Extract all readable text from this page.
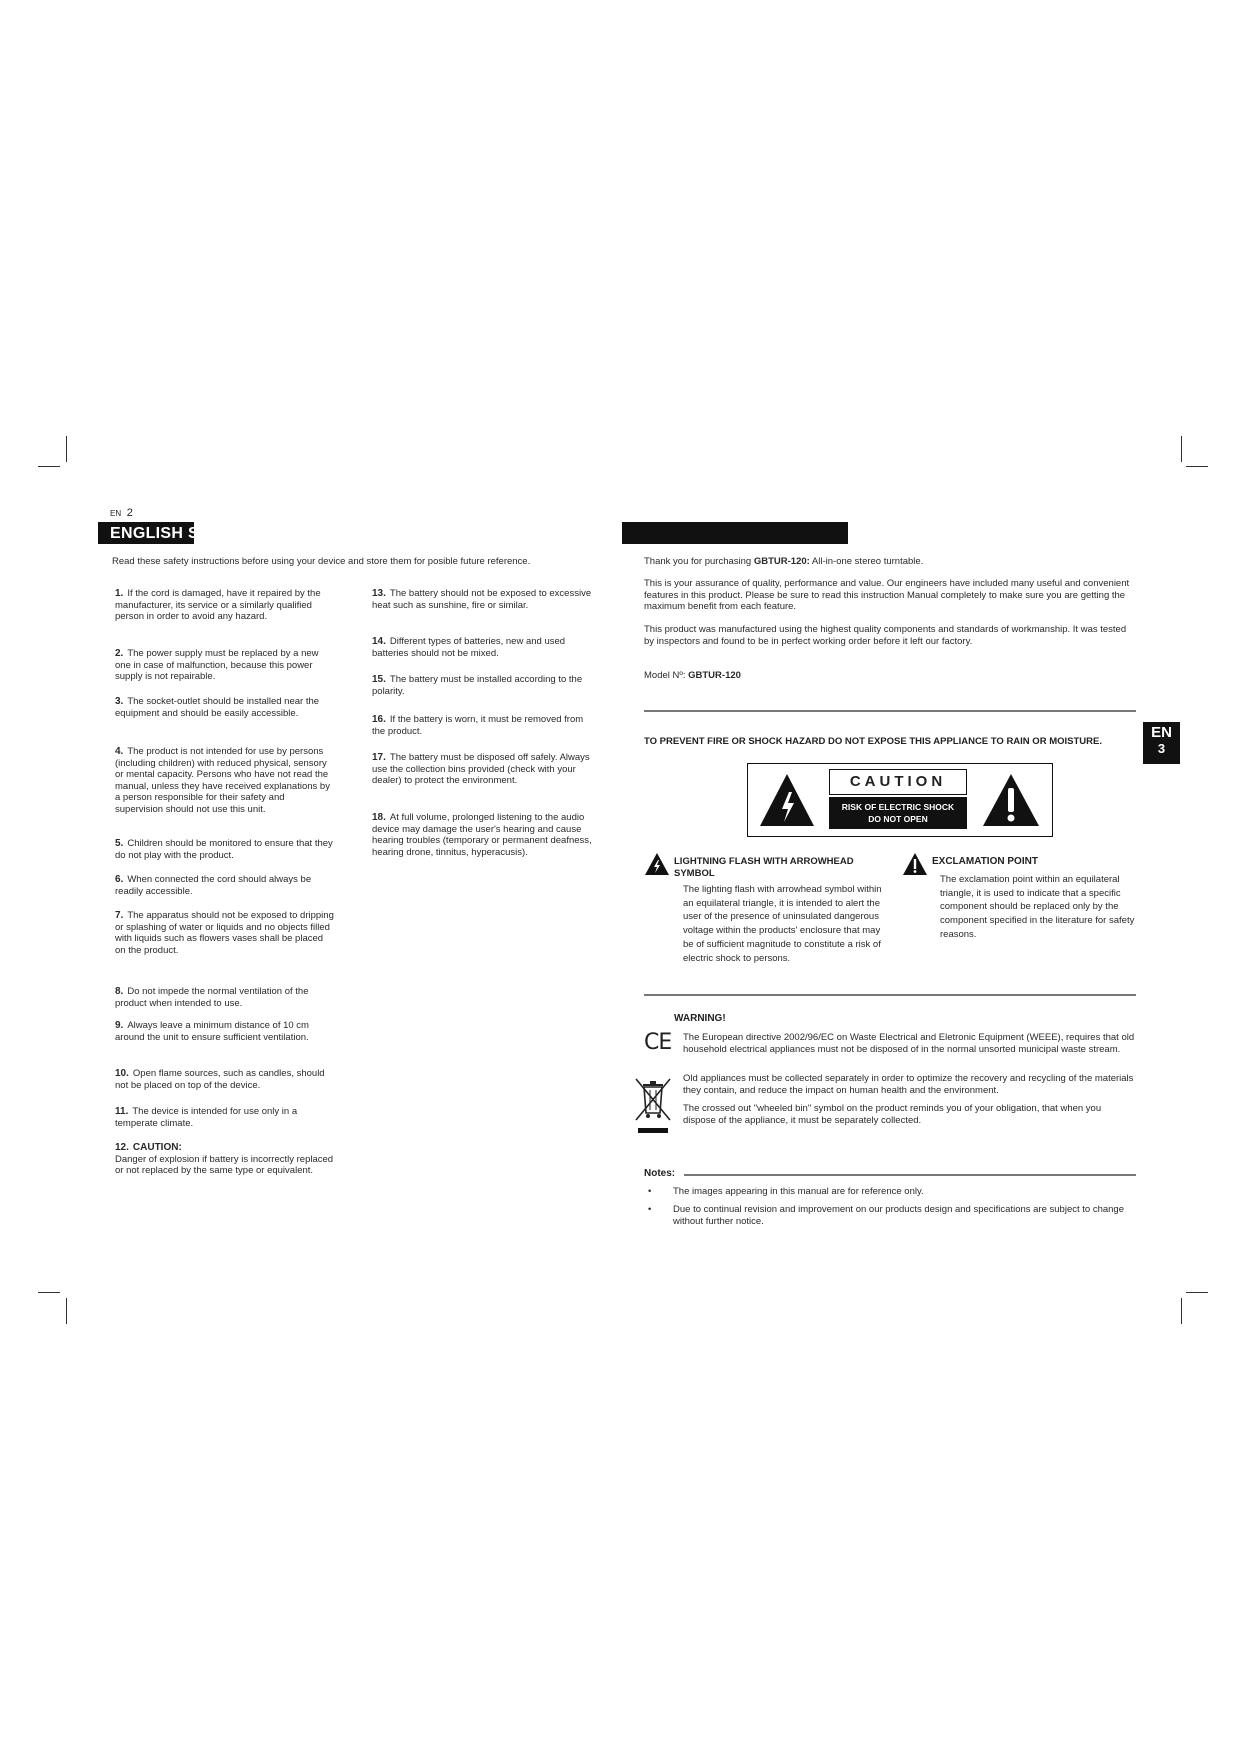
EN 2
ENGLISH S
Read these safety instructions before using your device and store them for posible future reference.
1. If the cord is damaged, have it repaired by the manufacturer, its service or a similarly qualified person in order to avoid any hazard.
2. The power supply must be replaced by a new one in case of malfunction, because this power supply is not repairable.
3. The socket-outlet should be installed near the equipment and should be easily accessible.
4. The product is not intended for use by persons (including children) with reduced physical, sensory or mental capacity. Persons who have not read the manual, unless they have received explanations by a person responsible for their safety and supervision should not use this unit.
5. Children should be monitored to ensure that they do not play with the product.
6. When connected the cord should always be readily accessible.
7. The apparatus should not be exposed to dripping or splashing of water or liquids and no objects filled with liquids such as flowers vases shall be placed on the product.
8. Do not impede the normal ventilation of the product when intended to use.
9. Always leave a minimum distance of 10 cm around the unit to ensure sufficient ventilation.
10. Open flame sources, such as candles, should not be placed on top of the device.
11. The device is intended for use only in a temperate climate.
12. CAUTION:
Danger of explosion if battery is incorrectly replaced or not replaced by the same type or equivalent.
13. The battery should not be exposed to excessive heat such as sunshine, fire or similar.
14. Different types of batteries, new and used batteries should not be mixed.
15. The battery must be installed according to the polarity.
16. If the battery is worn, it must be removed from the product.
17. The battery must be disposed off safely. Always use the collection bins provided (check with your dealer) to protect the environment.
18. At full volume, prolonged listening to the audio device may damage the user's hearing and cause hearing troubles (temporary or permanent deafness, hearing drone, tinnitus, hyperacusis).
Thank you for purchasing GBTUR-120: All-in-one stereo turntable.
This is your assurance of quality, performance and value. Our engineers have included many useful and convenient features in this product. Please be sure to read this instruction Manual completely to make sure you are getting the maximum benefit from each feature.
This product was manufactured using the highest quality components and standards of workmanship. It was tested by inspectors and found to be in perfect working order before it left our factory.
Model Nº: GBTUR-120
TO PREVENT FIRE OR SHOCK HAZARD DO NOT EXPOSE THIS APPLIANCE TO RAIN OR MOISTURE.
EN
3
CAUTION
RISK OF ELECTRIC SHOCK
DO NOT OPEN
LIGHTNING FLASH WITH ARROWHEAD SYMBOL
The lighting flash with arrowhead symbol within an equilateral triangle, it is intended to alert the user of the presence of uninsulated dangerous voltage within the products' enclosure that may be of sufficient magnitude to constitute a risk of electric shock to persons.
EXCLAMATION POINT
The exclamation point within an equilateral triangle, it is used to indicate that a specific component should be replaced only by the component specified in the literature for safety reasons.
WARNING!
CE The European directive 2002/96/EC on Waste Electrical and Eletronic Equipment (WEEE), requires that old household electrical appliances must not be disposed of in the normal unsorted municipal waste stream.
Old appliances must be collected separately in order to optimize the recovery and recycling of the materials they contain, and reduce the impact on human health and the environment.
The crossed out "wheeled bin" symbol on the product reminds you of your obligation, that when you dispose of the appliance, it must be separately collected.
Notes:
• The images appearing in this manual are for reference only.
• Due to continual revision and improvement on our products design and specifications are subject to change without further notice.
